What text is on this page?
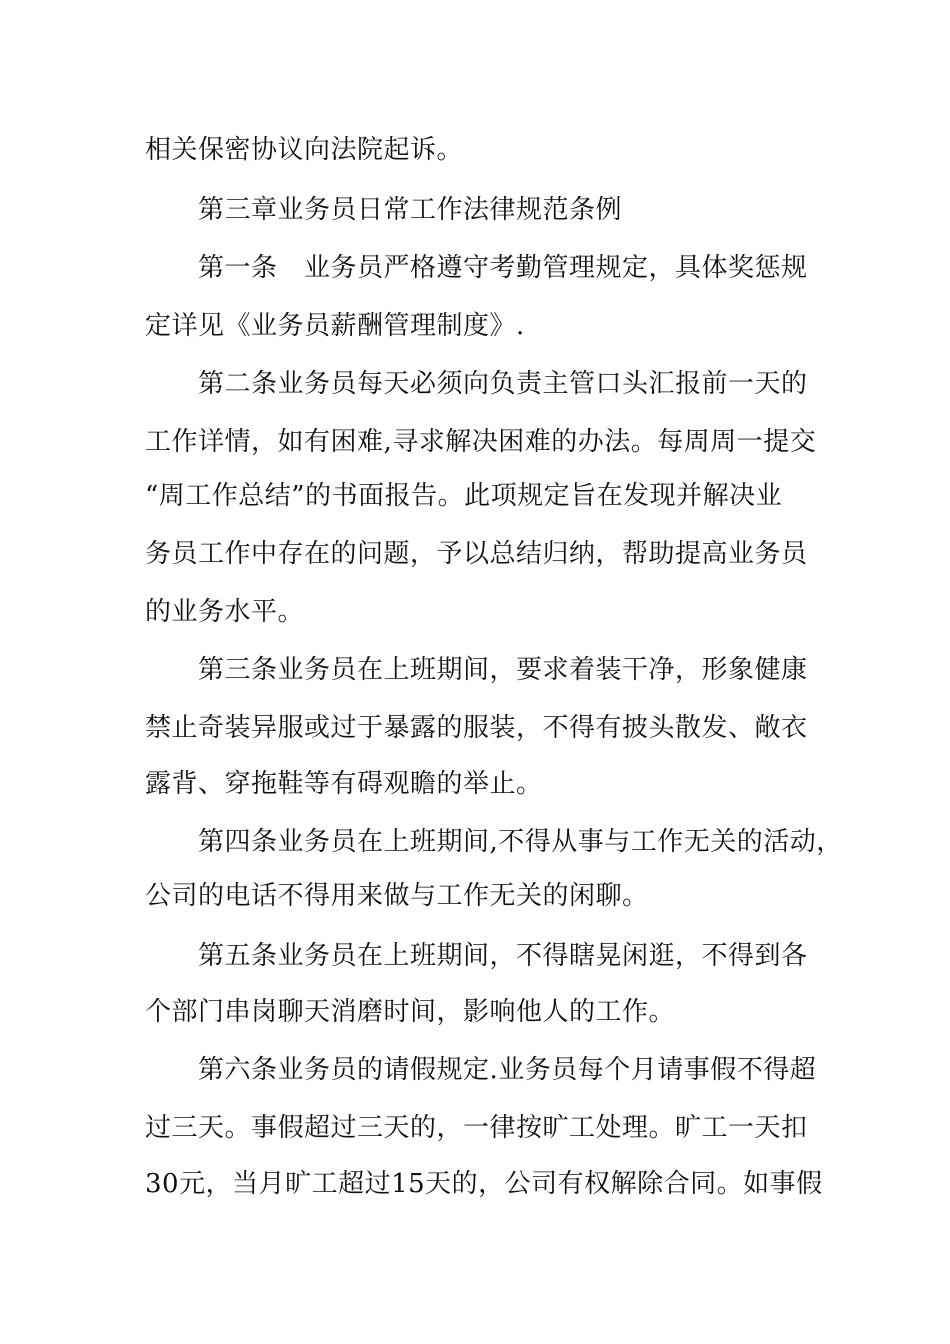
相关保密协议向法院起诉。
第三章业务员日常工作法律规范条例
第一条　业务员严格遵守考勤管理规定，具体奖惩规
定详见《业务员薪酬管理制度》.
第二条业务员每天必须向负责主管口头汇报前一天的
工作详情，如有困难,寻求解决困难的办法。每周周一提交
“周工作总结”的书面报告。此项规定旨在发现并解决业
务员工作中存在的问题，予以总结归纳，帮助提高业务员
的业务水平。
第三条业务员在上班期间，要求着装干净，形象健康
禁止奇装异服或过于暴露的服装，不得有披头散发、敞衣
露背、穿拖鞋等有碍观瞻的举止。
第四条业务员在上班期间,不得从事与工作无关的活动，
公司的电话不得用来做与工作无关的闲聊。
第五条业务员在上班期间，不得瞎晃闲逛，不得到各
个部门串岗聊天消磨时间，影响他人的工作。
第六条业务员的请假规定.业务员每个月请事假不得超
过三天。事假超过三天的，一律按旷工处理。旷工一天扣
30元，当月旷工超过15天的，公司有权解除合同。如事假
